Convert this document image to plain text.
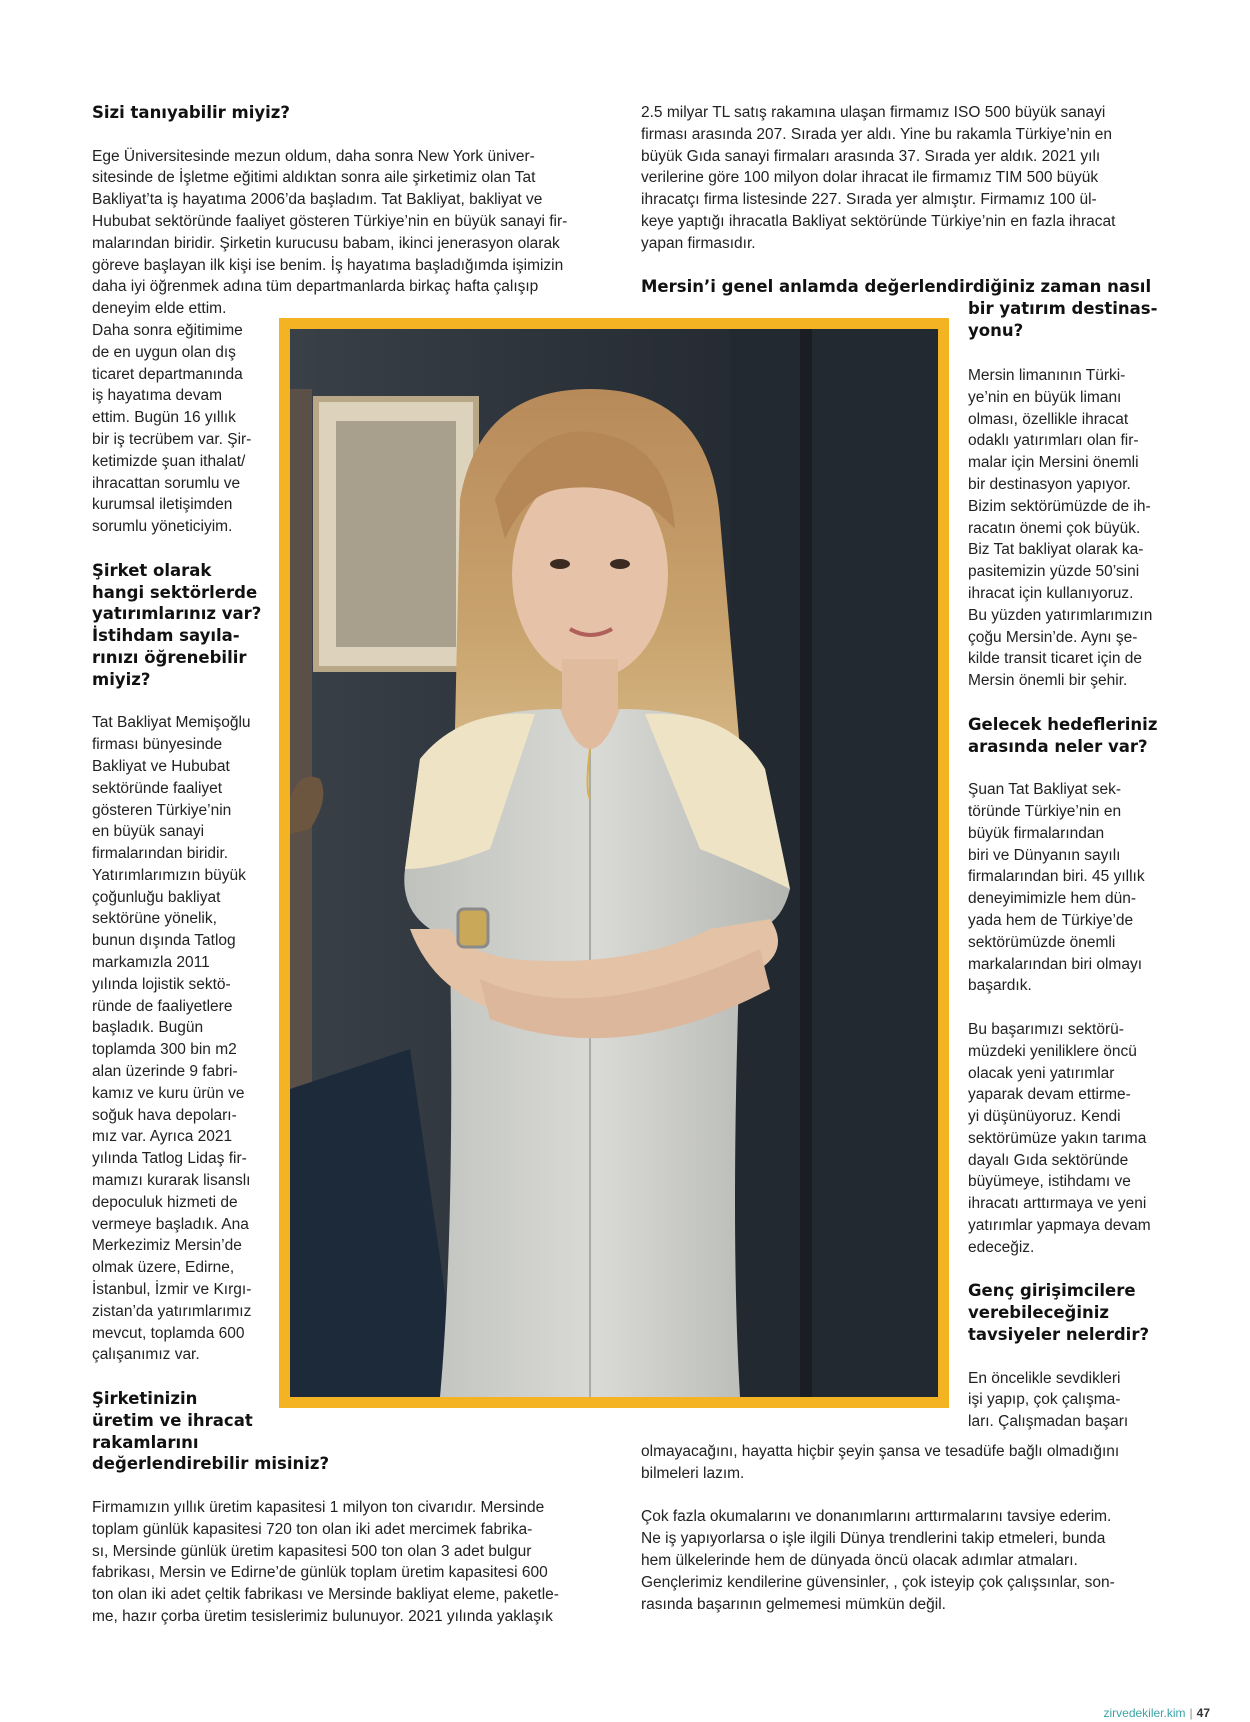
Sizi tanıyabilir miyiz?

Ege Üniversitesinde mezun oldum, daha sonra New York üniver-

sitesinde de İşletme eğitimi aldıktan sonra aile şirketimiz olan Tat

Bakliyat’ta iş hayatıma 2006’da başladım. Tat Bakliyat, bakliyat ve

Hububat sektöründe faaliyet gösteren Türkiye’nin en büyük sanayi fir-

malarından biridir. Şirketin kurucusu babam, ikinci jenerasyon olarak

göreve başlayan ilk kişi ise benim. İş hayatıma başladığımda işimizin

daha iyi öğrenmek adına tüm departmanlarda birkaç hafta çalışıp

deneyim elde ettim.

Daha sonra eğitimime

de en uygun olan dış

ticaret departmanında

iş hayatıma devam

ettim. Bugün 16 yıllık

bir iş tecrübem var. Şir-

ketimizde şuan ithalat/

ihracattan sorumlu ve

kurumsal iletişimden

sorumlu yöneticiyim.

Şirket olarak

hangi sektörlerde

yatırımlarınız var?

İstihdam sayıla-

rınızı öğrenebilir

miyiz?

Tat Bakliyat Memişoğlu

firması bünyesinde

Bakliyat ve Hububat

sektöründe faaliyet

gösteren Türkiye’nin

en büyük sanayi

firmalarından biridir.

Yatırımlarımızın büyük

çoğunluğu bakliyat

sektörüne yönelik,

bunun dışında Tatlog

markamızla 2011

yılında lojistik sektö-

ründe de faaliyetlere

başladık. Bugün

toplamda 300 bin m2

alan üzerinde 9 fabri-

kamız ve kuru ürün ve

soğuk hava depoları-

mız var. Ayrıca 2021

yılında Tatlog Lidaş fir-

mamızı kurarak lisanslı

depoculuk hizmeti de

vermeye başladık. Ana

Merkezimiz Mersin’de

olmak üzere, Edirne,

İstanbul, İzmir ve Kırgı-

zistan’da yatırımlarımız

mevcut, toplamda 600

çalışanımız var.

Şirketinizin

üretim ve ihracat

rakamlarını

değerlendirebilir misiniz?

Firmamızın yıllık üretim kapasitesi 1 milyon ton civarıdır. Mersinde

toplam günlük kapasitesi 720 ton olan iki adet mercimek fabrika-

sı, Mersinde günlük üretim kapasitesi 500 ton olan 3 adet bulgur

fabrikası, Mersin ve Edirne’de günlük toplam üretim kapasitesi 600

ton olan iki adet çeltik fabrikası ve Mersinde bakliyat eleme, paketle-

me, hazır çorba üretim tesislerimiz bulunuyor. 2021 yılında yaklaşık

2.5 milyar TL satış rakamına ulaşan firmamız ISO 500 büyük sanayi

firması arasında 207. Sırada yer aldı. Yine bu rakamla Türkiye’nin en

büyük Gıda sanayi firmaları arasında 37. Sırada yer aldık. 2021 yılı

verilerine göre 100 milyon dolar ihracat ile firmamız TIM 500 büyük

ihracatçı firma listesinde 227. Sırada yer almıştır. Firmamız 100 ül-

keye yaptığı ihracatla Bakliyat sektöründe Türkiye’nin en fazla ihracat

yapan firmasıdır.

Mersin’i genel anlamda değerlendirdiğiniz zaman nasıl

bir yatırım destinas-

yonu?

Mersin limanının Türki-

ye’nin en büyük limanı

olması, özellikle ihracat

odaklı yatırımları olan fir-

malar için Mersini önemli

bir destinasyon yapıyor.

Bizim sektörümüzde de ih-

racatın önemi çok büyük.

Biz Tat bakliyat olarak ka-

pasitemizin yüzde 50’sini

ihracat için kullanıyoruz.

Bu yüzden yatırımlarımızın

çoğu Mersin’de. Aynı şe-

kilde transit ticaret için de

Mersin önemli bir şehir.

Gelecek hedefleriniz

arasında neler var?

Şuan Tat Bakliyat sek-

töründe Türkiye’nin en

büyük firmalarından

biri ve Dünyanın sayılı

firmalarından biri. 45 yıllık

deneyimimizle hem dün-

yada hem de Türkiye’de

sektörümüzde önemli

markalarından biri olmayı

başardık.

Bu başarımızı sektörü-

müzdeki yeniliklere öncü

olacak yeni yatırımlar

yaparak devam ettirme-

yi düşünüyoruz. Kendi

sektörümüze yakın tarıma

dayalı Gıda sektöründe

büyümeye, istihdamı ve

ihracatı arttırmaya ve yeni

yatırımlar yapmaya devam

edeceğiz.

Genç girişimcilere

verebileceğiniz

tavsiyeler nelerdir?

En öncelikle sevdikleri

işi yapıp, çok çalışma-

ları. Çalışmadan başarı

olmayacağını, hayatta hiçbir şeyin şansa ve tesadüfe bağlı olmadığını

bilmeleri lazım.

Çok fazla okumalarını ve donanımlarını arttırmalarını tavsiye ederim.

Ne iş yapıyorlarsa o işle ilgili Dünya trendlerini takip etmeleri, bunda

hem ülkelerinde hem de dünyada öncü olacak adımlar atmaları.

Gençlerimiz kendilerine güvensinler, , çok isteyip çok çalışsınlar, son-

rasında başarının gelmemesi mümkün değil.

zirvedekiler.kim | 47
